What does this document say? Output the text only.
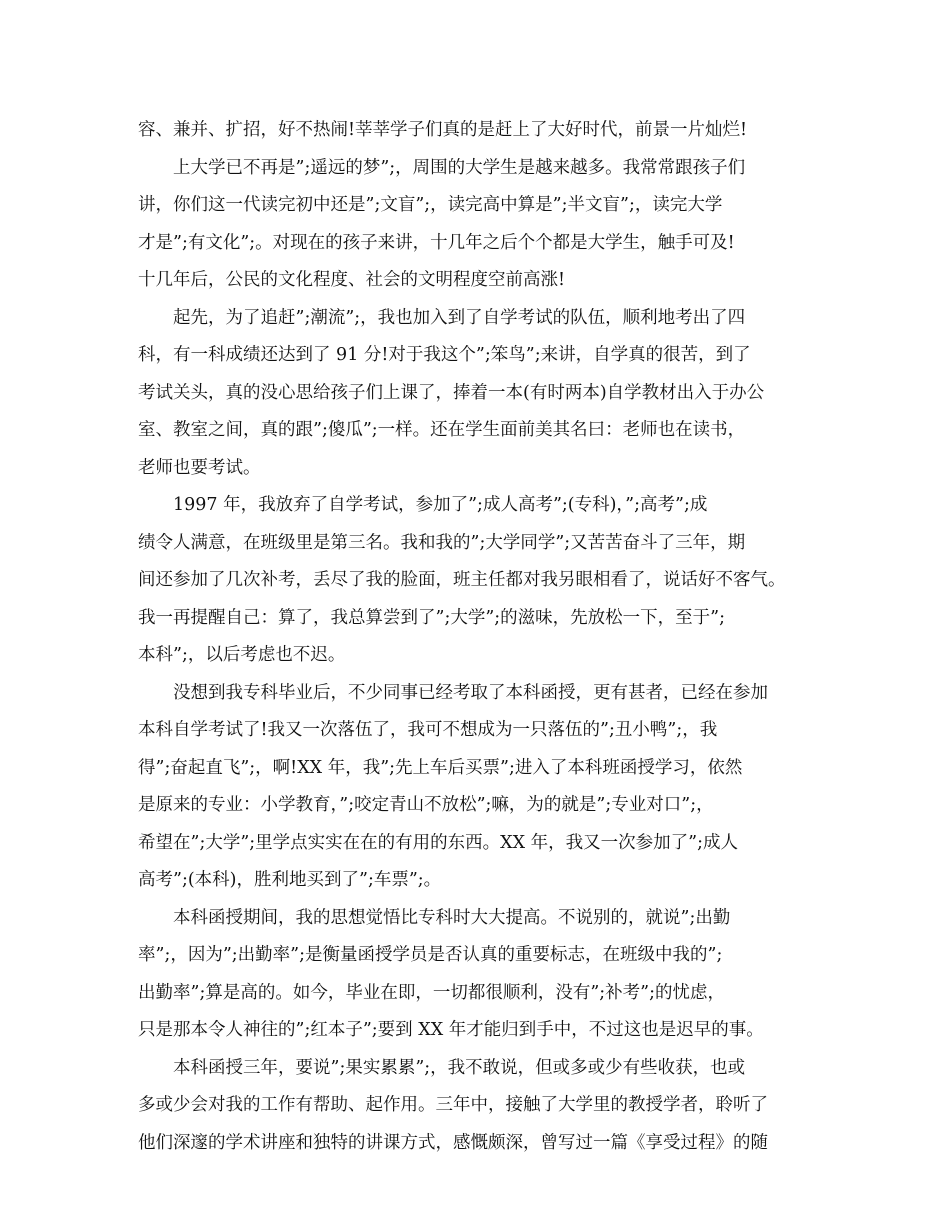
容、兼并、扩招，好不热闹!莘莘学子们真的是赶上了大好时代，前景一片灿烂!
上大学已不再是”;遥远的梦”;，周围的大学生是越来越多。我常常跟孩子们
讲，你们这一代读完初中还是”;文盲”;，读完高中算是”;半文盲”;，读完大学
才是”;有文化”;。对现在的孩子来讲，十几年之后个个都是大学生，触手可及!
十几年后，公民的文化程度、社会的文明程度空前高涨!
起先，为了追赶”;潮流”;，我也加入到了自学考试的队伍，顺利地考出了四
科，有一科成绩还达到了 91 分!对于我这个”;笨鸟”;来讲，自学真的很苦，到了
考试关头，真的没心思给孩子们上课了，捧着一本(有时两本)自学教材出入于办公
室、教室之间，真的跟”;傻瓜”;一样。还在学生面前美其名曰：老师也在读书，
老师也要考试。
1997 年，我放弃了自学考试，参加了”;成人高考”;(专科)，”;高考”;成
绩令人满意，在班级里是第三名。我和我的”;大学同学”;又苦苦奋斗了三年，期
间还参加了几次补考，丢尽了我的脸面，班主任都对我另眼相看了，说话好不客气。
我一再提醒自己：算了，我总算尝到了”;大学”;的滋味，先放松一下，至于”;
本科”;，以后考虑也不迟。
没想到我专科毕业后，不少同事已经考取了本科函授，更有甚者，已经在参加
本科自学考试了!我又一次落伍了，我可不想成为一只落伍的”;丑小鸭”;，我
得”;奋起直飞”;，啊!XX 年，我”;先上车后买票”;进入了本科班函授学习，依然
是原来的专业：小学教育，”;咬定青山不放松”;嘛，为的就是”;专业对口”;，
希望在”;大学”;里学点实实在在的有用的东西。XX 年，我又一次参加了”;成人
高考”;(本科)，胜利地买到了”;车票”;。
本科函授期间，我的思想觉悟比专科时大大提高。不说别的，就说”;出勤
率”;，因为”;出勤率”;是衡量函授学员是否认真的重要标志，在班级中我的”;
出勤率”;算是高的。如今，毕业在即，一切都很顺利，没有”;补考”;的忧虑，
只是那本令人神往的”;红本子”;要到 XX 年才能归到手中，不过这也是迟早的事。
本科函授三年，要说”;果实累累”;，我不敢说，但或多或少有些收获，也或
多或少会对我的工作有帮助、起作用。三年中，接触了大学里的教授学者，聆听了
他们深邃的学术讲座和独特的讲课方式，感慨颇深，曾写过一篇《享受过程》的随
